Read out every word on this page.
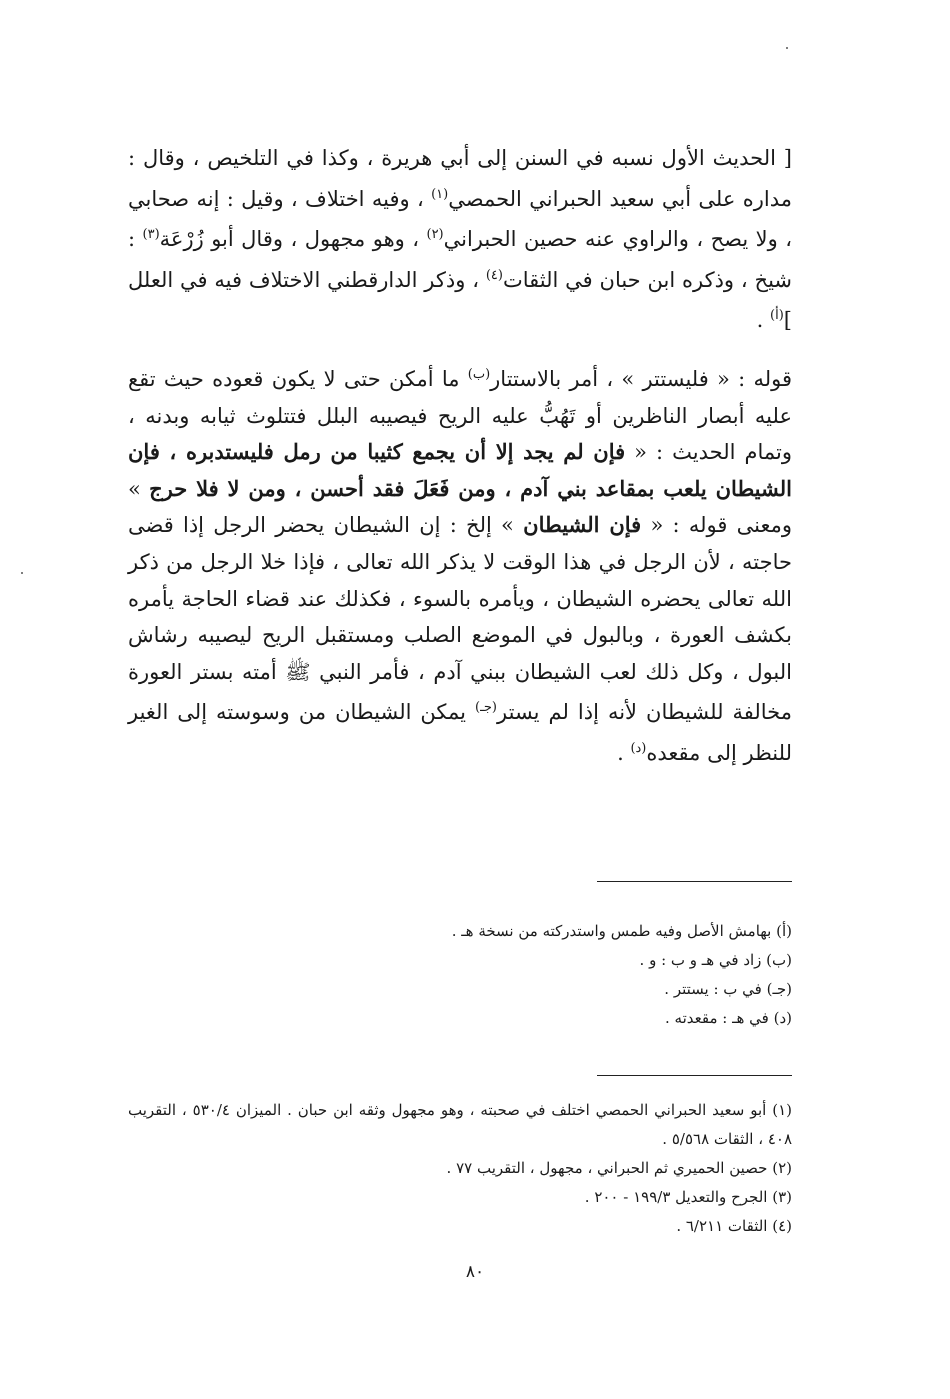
[ الحديث الأول نسبه في السنن إلى أبي هريرة ، وكذا في التلخيص ، وقال : مداره على أبي سعيد الحبراني الحمصي$^{(١)}$ ، وفيه اختلاف ، وقيل : إنه صحابي ، ولا يصح ، والراوي عنه حصين الحبراني$^{(٢)}$ ، وهو مجهول ، وقال أبو زُرْعَة$^{(٣)}$ : شيخ ، وذكره ابن حبان في الثقات$^{(٤)}$ ، وذكر الدارقطني الاختلاف فيه في العلل ]$^{(أ)}$ .

قوله : « فليستتر » ، أمر بالاستتار$^{(ب)}$ ما أمكن حتى لا يكون قعوده حيث تقع عليه أبصار الناظرين أو تَهُبُّ عليه الريح فيصيبه البلل فتتلوث ثيابه وبدنه ، وتمام الحديث : « فإن لم يجد إلا أن يجمع كثيبا من رمل فليستدبره ، فإن الشيطان يلعب بمقاعد بني آدم ، ومن فَعَلَ فقد أحسن ، ومن لا فلا حرج » ومعنى قوله : « فإن الشيطان » إلخ : إن الشيطان يحضر الرجل إذا قضى حاجته ، لأن الرجل في هذا الوقت لا يذكر الله تعالى ، فإذا خلا الرجل من ذكر الله تعالى يحضره الشيطان ، ويأمره بالسوء ، فكذلك عند قضاء الحاجة يأمره بكشف العورة ، وبالبول في الموضع الصلب ومستقبل الريح ليصيبه رشاش البول ، وكل ذلك لعب الشيطان ببني آدم ، فأمر النبي ﷺ أمته بستر العورة مخالفة للشيطان لأنه إذا لم يستر$^{(جـ)}$ يمكن الشيطان من وسوسته إلى الغير للنظر إلى مقعده$^{(د)}$ .

(أ) بهامش الأصل وفيه طمس واستدركته من نسخة هـ .
(ب) زاد في هـ و ب : و .
(جـ) في ب : يستتر .
(د) في هـ : مقعدته .
(١) أبو سعيد الحبراني الحمصي اختلف في صحبته ، وهو مجهول وثقه ابن حبان . الميزان ٥٣٠/٤ ، التقريب ٤٠٨ ، الثقات ٥/٥٦٨ .
(٢) حصين الحميري ثم الحبراني ، مجهول ، التقريب ٧٧ .
(٣) الجرح والتعديل ١٩٩/٣ - ٢٠٠ .
(٤) الثقات ٦/٢١١ .
٨٠
